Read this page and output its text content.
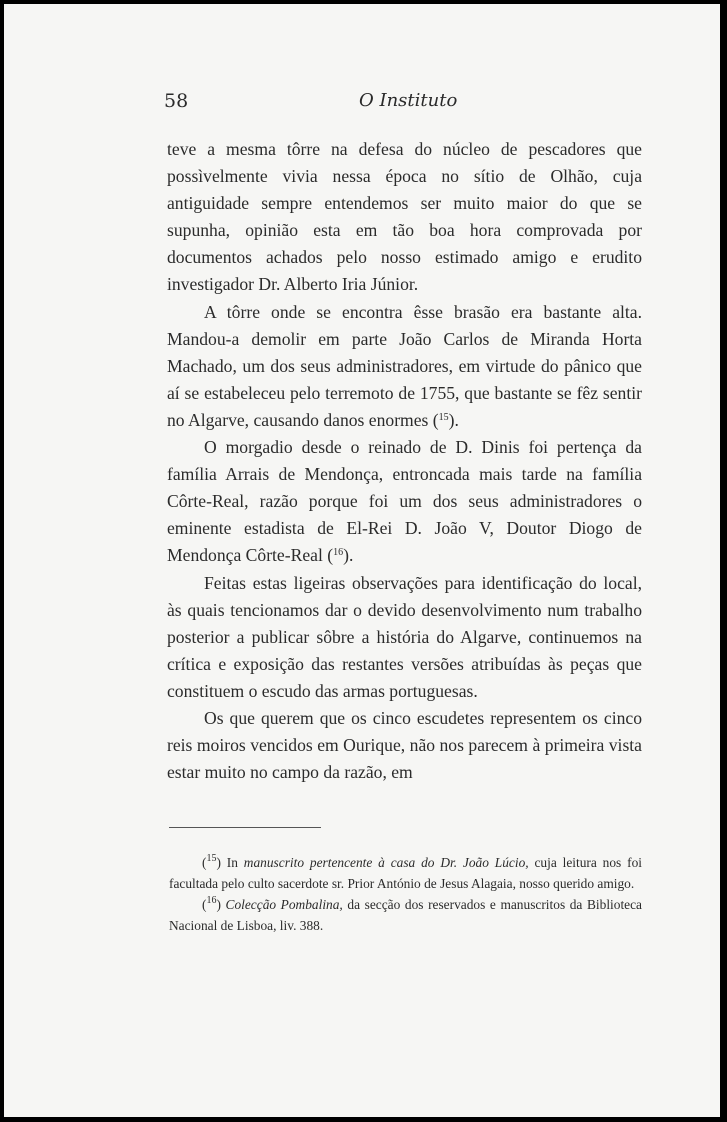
58	O Instituto

teve a mesma tôrre na defesa do núcleo de pescadores que possìvelmente vivia nessa época no sítio de Olhão, cuja antiguidade sempre entendemos ser muito maior do que se supunha, opinião esta em tão boa hora comprovada por documentos achados pelo nosso estimado amigo e erudito investigador Dr. Alberto Iria Júnior.

A tôrre onde se encontra êsse brasão era bastante alta. Mandou-a demolir em parte João Carlos de Miranda Horta Machado, um dos seus administradores, em virtude do pânico que aí se estabeleceu pelo terremoto de 1755, que bastante se fêz sentir no Algarve, causando danos enormes ($^{15}$).

O morgadio desde o reinado de D. Dinis foi pertença da família Arrais de Mendonça, entroncada mais tarde na família Côrte-Real, razão porque foi um dos seus administradores o eminente estadista de El-Rei D. João V, Doutor Diogo de Mendonça Côrte-Real ($^{16}$).

Feitas estas ligeiras observações para identificação do local, às quais tencionamos dar o devido desenvolvimento num trabalho posterior a publicar sôbre a história do Algarve, continuemos na crítica e exposição das restantes versões atribuídas às peças que constituem o escudo das armas portuguesas.

Os que querem que os cinco escudetes representem os cinco reis moiros vencidos em Ourique, não nos parecem à primeira vista estar muito no campo da razão, em

($^{15}$) In manuscrito pertencente à casa do Dr. João Lúcio, cuja leitura nos foi facultada pelo culto sacerdote sr. Prior António de Jesus Alagaia, nosso querido amigo.

($^{16}$) Colecção Pombalina, da secção dos reservados e manuscritos da Biblioteca Nacional de Lisboa, liv. 388.
